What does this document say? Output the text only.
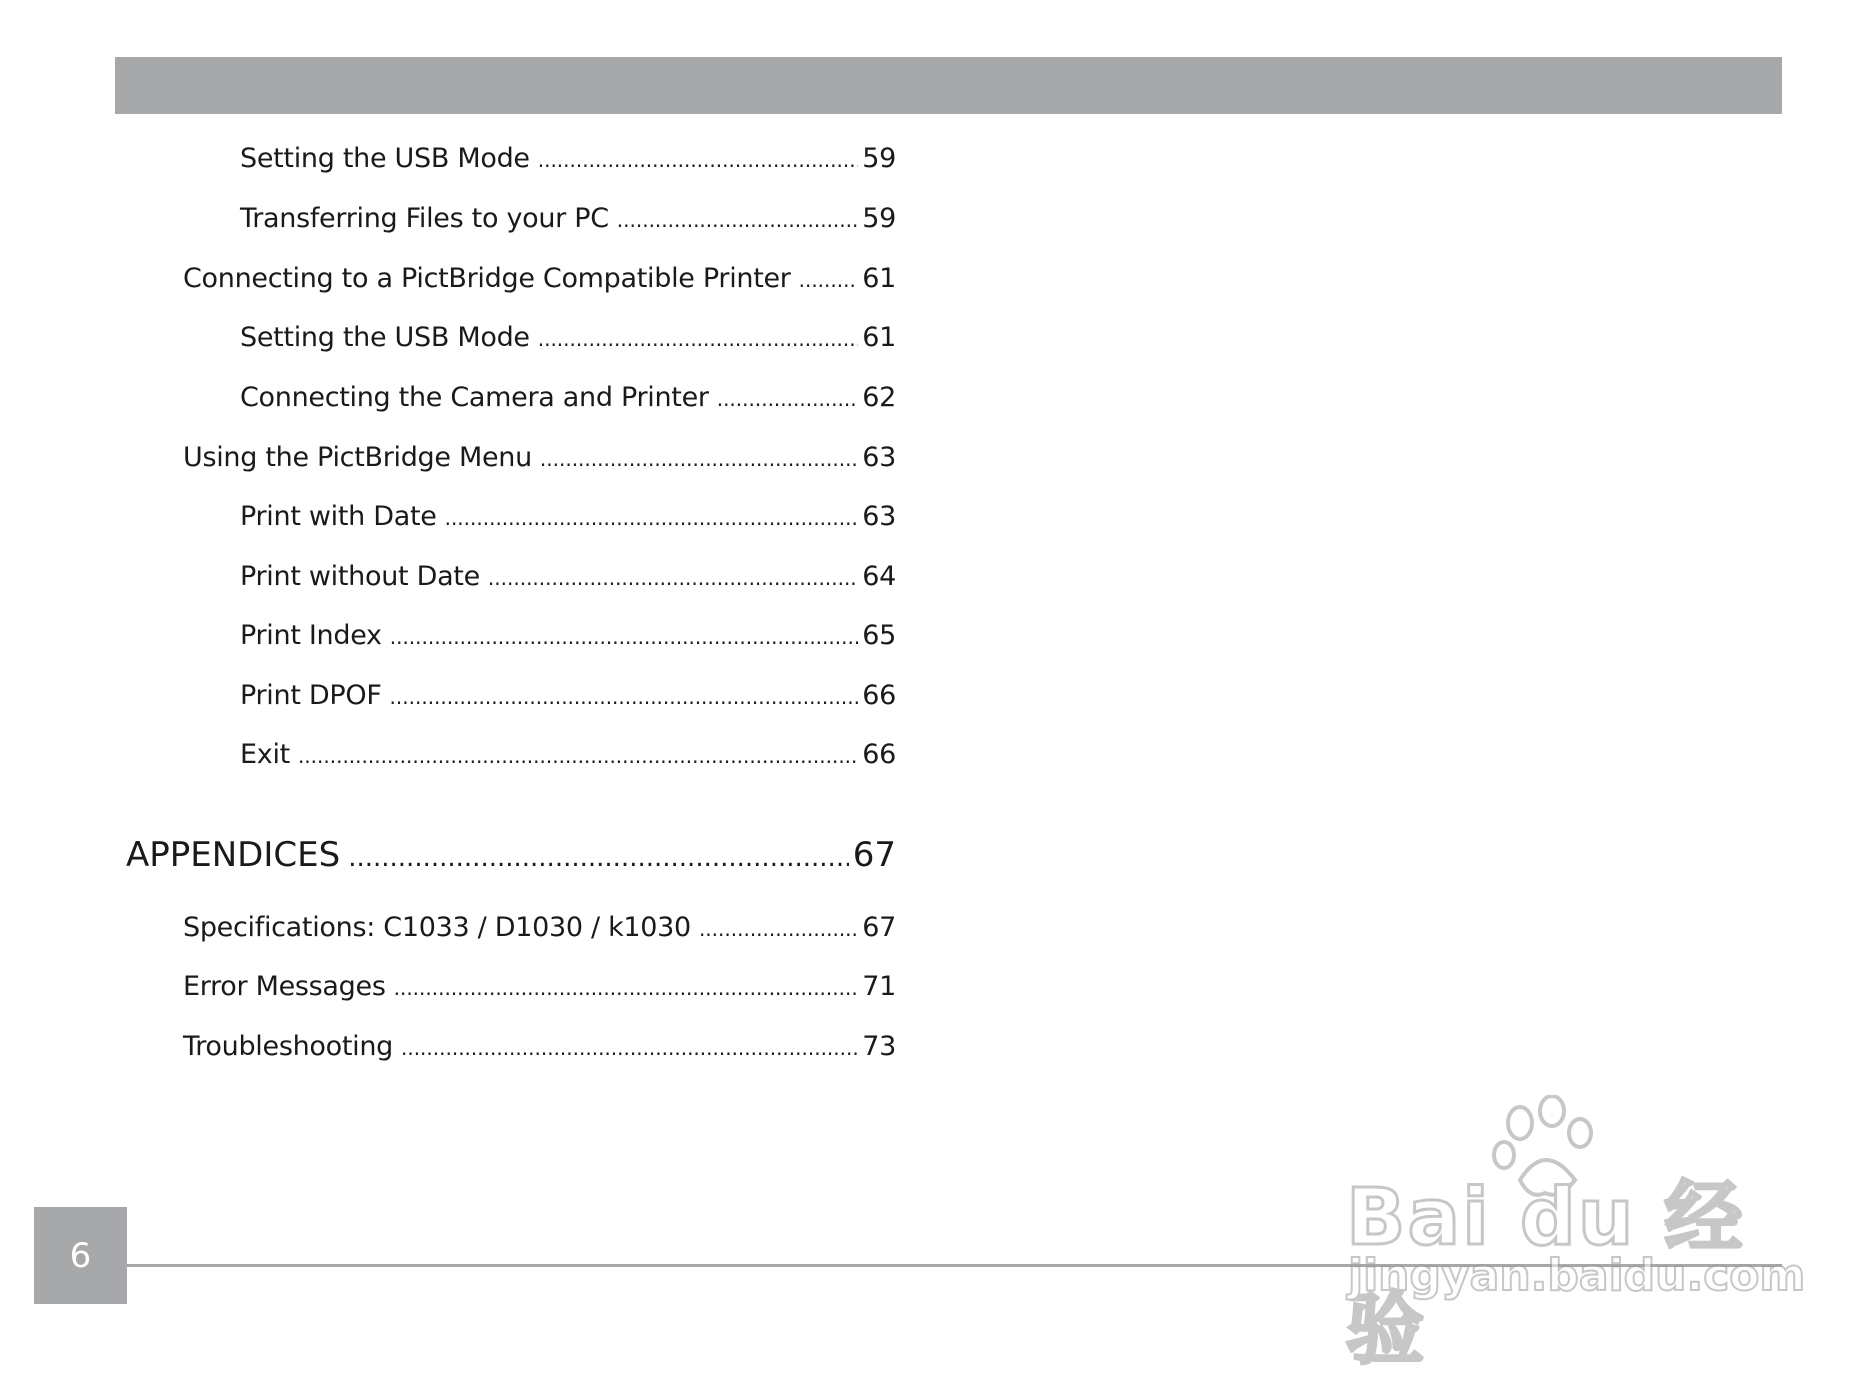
Setting the USB Mode .....	59
Transferring Files to your PC .....	59
Connecting to a PictBridge Compatible Printer .....	61
Setting the USB Mode .....	61
Connecting the Camera and Printer .....	62
Using the PictBridge Menu .....	63
Print with Date .....	63
Print without Date .....	64
Print Index .....	65
Print DPOF .....	66
Exit .....	66
APPENDICES .....	67
Specifications: C1033 / D1030 / k1030 .....	67
Error Messages .....	71
Troubleshooting .....	73
6	Bai du 经验
jingyan.baidu.com
